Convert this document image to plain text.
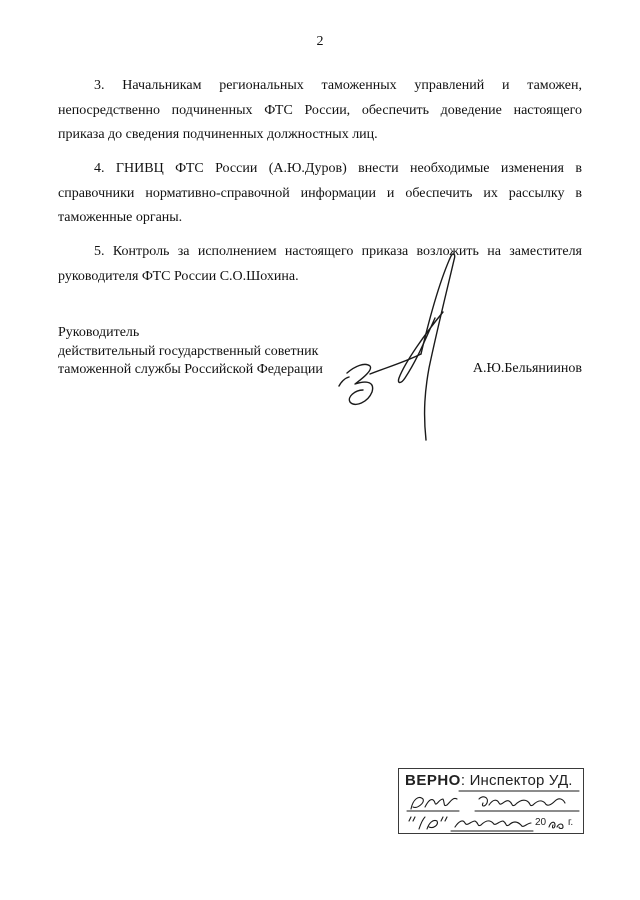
2

3. Начальникам региональных таможенных управлений и таможен, непосредственно подчиненных ФТС России, обеспечить доведение настоящего приказа до сведения подчиненных должностных лиц.

4. ГНИВЦ ФТС России (А.Ю.Дуров) внести необходимые изменения в справочники нормативно-справочной информации и обеспечить их рассылку в таможенные органы.

5. Контроль за исполнением настоящего приказа возложить на заместителя руководителя ФТС России С.О.Шохина.

Руководитель
действительный государственный советник
таможенной службы Российской Федерации	А.Ю.Бельяниинов
ВЕРНО: Инспектор УД.
20 г.
